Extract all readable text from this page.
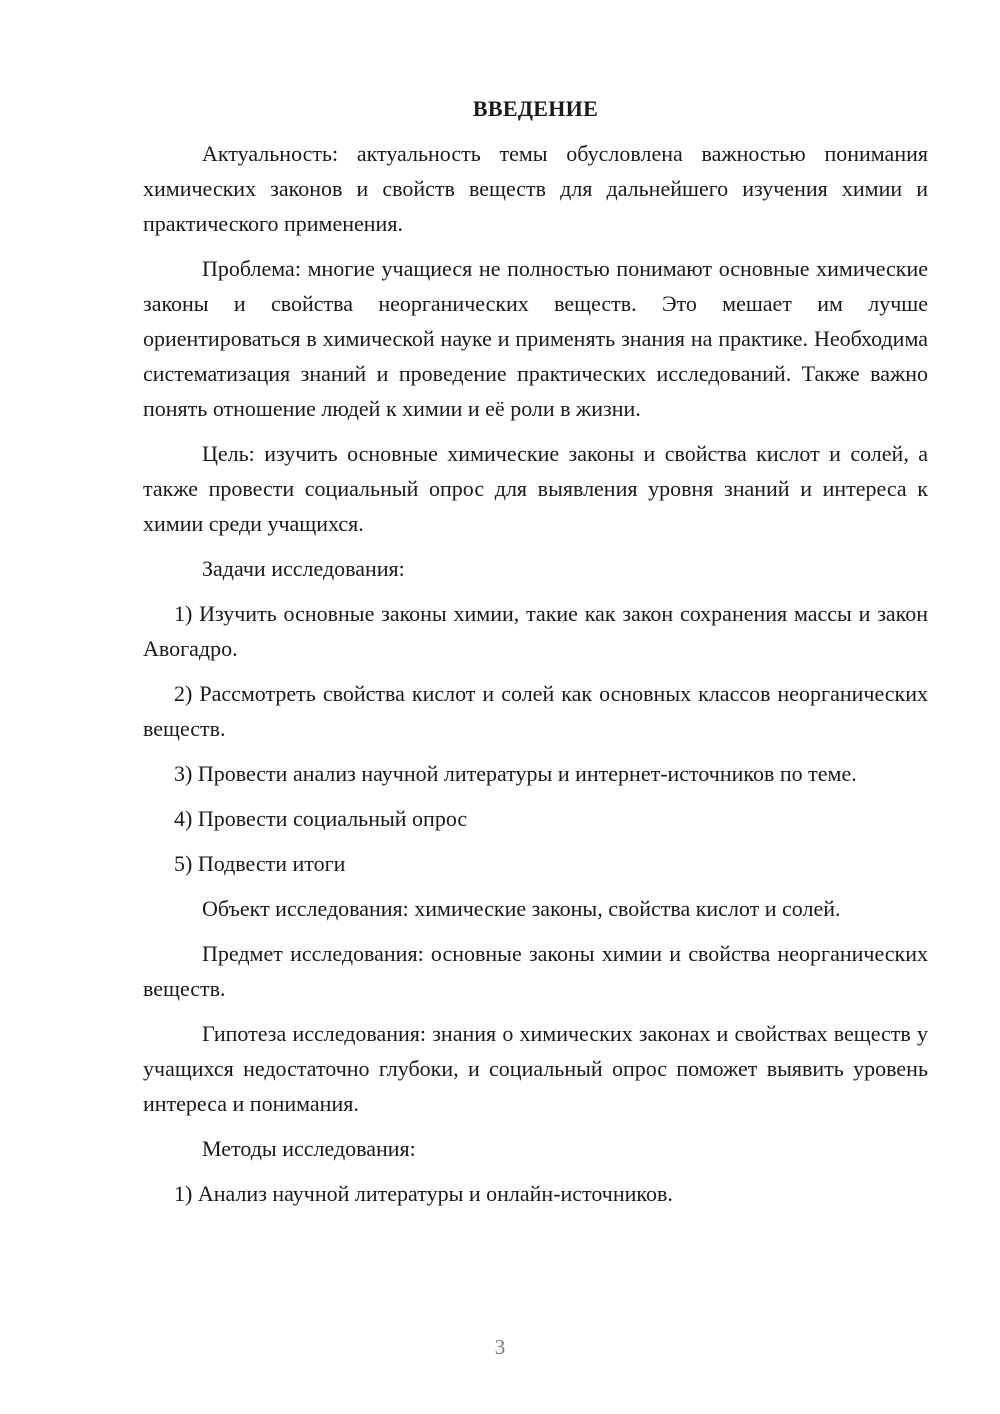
ВВЕДЕНИЕ

Актуальность: актуальность темы обусловлена важностью понимания химических законов и свойств веществ для дальнейшего изучения химии и практического применения.

Проблема: многие учащиеся не полностью понимают основные химические законы и свойства неорганических веществ. Это мешает им лучше ориентироваться в химической науке и применять знания на практике. Необходима систематизация знаний и проведение практических исследований. Также важно понять отношение людей к химии и её роли в жизни.

Цель: изучить основные химические законы и свойства кислот и солей, а также провести социальный опрос для выявления уровня знаний и интереса к химии среди учащихся.

Задачи исследования:

1) Изучить основные законы химии, такие как закон сохранения массы и закон Авогадро.

2) Рассмотреть свойства кислот и солей как основных классов неорганических веществ.

3) Провести анализ научной литературы и интернет-источников по теме.

4) Провести социальный опрос

5) Подвести итоги

Объект исследования: химические законы, свойства кислот и солей.

Предмет исследования: основные законы химии и свойства неорганических веществ.

Гипотеза исследования: знания о химических законах и свойствах веществ у учащихся недостаточно глубоки, и социальный опрос поможет выявить уровень интереса и понимания.

Методы исследования:

1) Анализ научной литературы и онлайн-источников.

3
